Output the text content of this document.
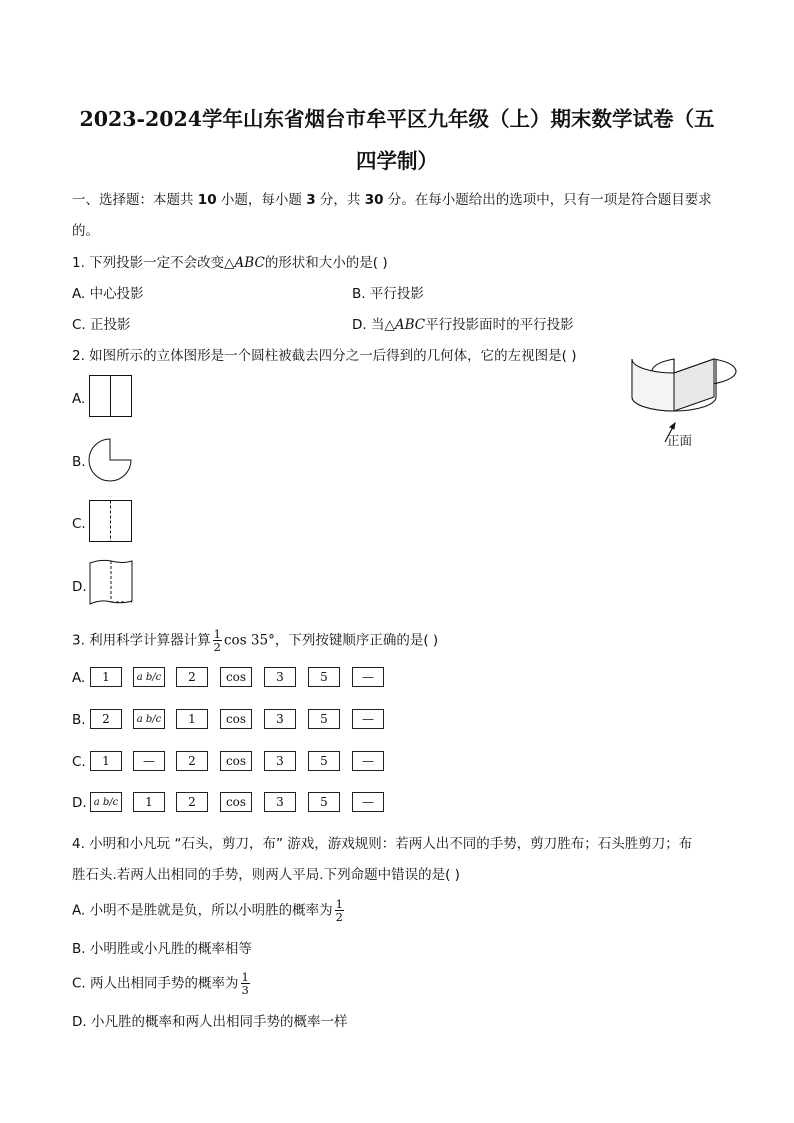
2023-2024学年山东省烟台市牟平区九年级（上）期末数学试卷（五
四学制）
一、选择题：本题共 10 小题，每小题 3 分，共 30 分。在每小题给出的选项中，只有一项是符合题目要求
的。
1. 下列投影一定不会改变△ABC的形状和大小的是( )
A. 中心投影	B. 平行投影
C. 正投影	D. 当△ABC平行投影面时的平行投影
2. 如图所示的立体图形是一个圆柱被截去四分之一后得到的几何体，它的左视图是( )
正面
A.
B.
C.
D.
3. 利用科学计算器计算 $\frac{1}{2}$ cos 35°，下列按键顺序正确的是( )
A.	1	a b/c	2	cos	3	5	—
B.	2	a b/c	1	cos	3	5	—
C.	1	—	2	cos	3	5	—
D. a b/c	1	2	cos	3	5	—
4. 小明和小凡玩 “石头，剪刀，布” 游戏，游戏规则：若两人出不同的手势，剪刀胜布；石头胜剪刀；布
胜石头.若两人出相同的手势，则两人平局.下列命题中错误的是( )
A. 小明不是胜就是负，所以小明胜的概率为 $\frac{1}{2}$
B. 小明胜或小凡胜的概率相等
C. 两人出相同手势的概率为 $\frac{1}{3}$
D. 小凡胜的概率和两人出相同手势的概率一样
